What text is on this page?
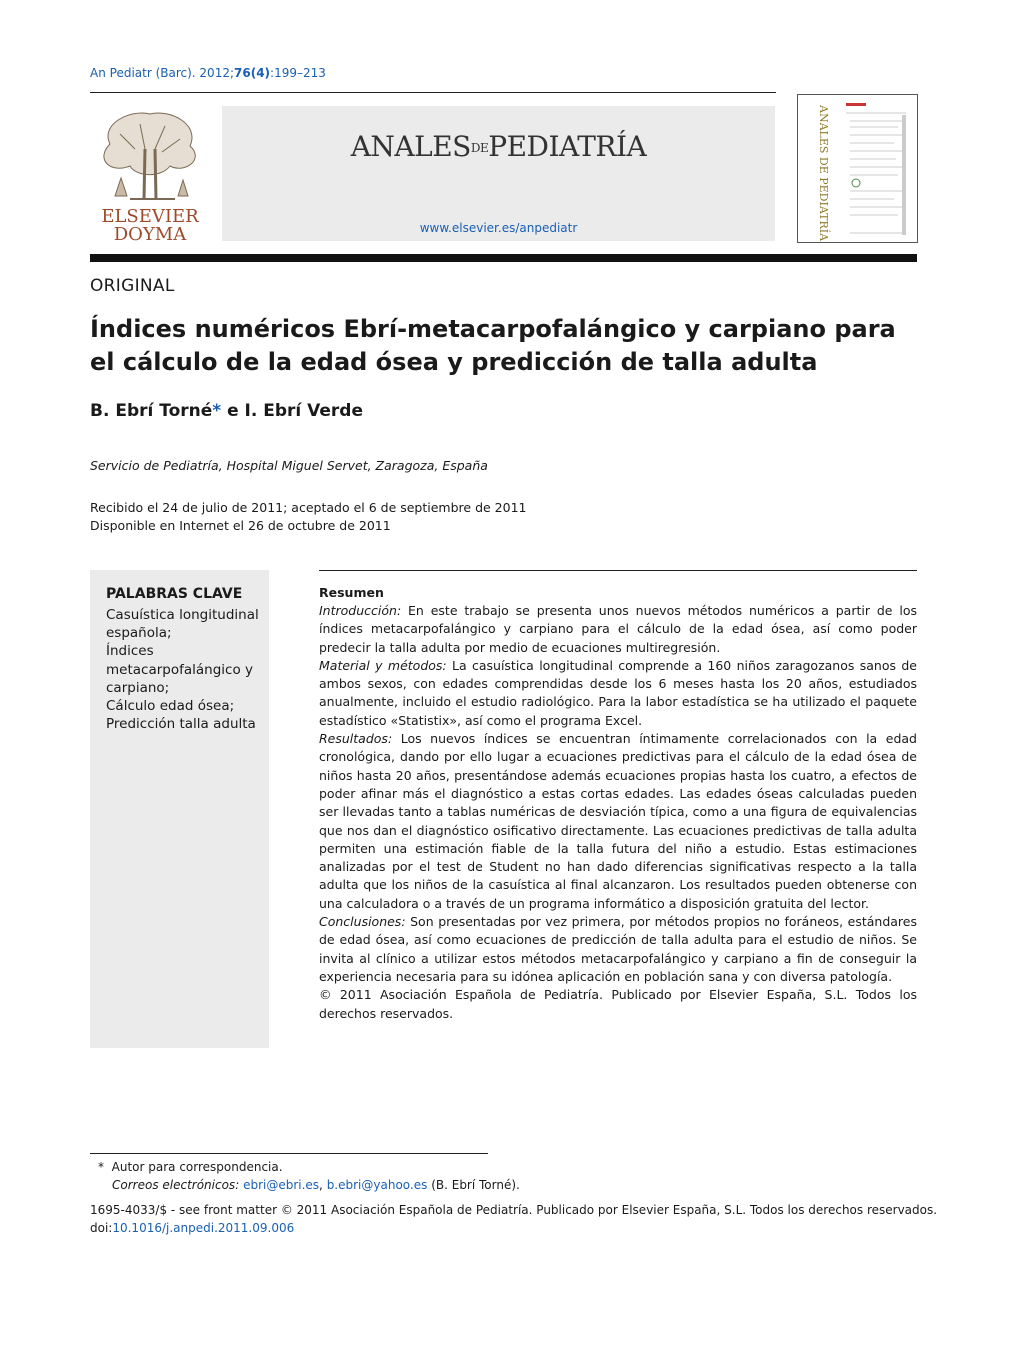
An Pediatr (Barc). 2012;76(4):199–213
ELSEVIER
DOYMA
ANALESDEPEDIATRÍA
www.elsevier.es/anpediatr	ANALES DE PEDIATRÍA
ORIGINAL
Índices numéricos Ebrí-metacarpofalángico y carpiano para el cálculo de la edad ósea y predicción de talla adulta
B. Ebrí Torné* e I. Ebrí Verde
Servicio de Pediatría, Hospital Miguel Servet, Zaragoza, España
Recibido el 24 de julio de 2011; aceptado el 6 de septiembre de 2011
Disponible en Internet el 26 de octubre de 2011
PALABRAS CLAVE
Casuística longitudinal española;
Índices metacarpofalángico y carpiano;
Cálculo edad ósea;
Predicción talla adulta
Resumen

Introducción: En este trabajo se presenta unos nuevos métodos numéricos a partir de los índices metacarpofalángico y carpiano para el cálculo de la edad ósea, así como poder predecir la talla adulta por medio de ecuaciones multiregresión.

Material y métodos: La casuística longitudinal comprende a 160 niños zaragozanos sanos de ambos sexos, con edades comprendidas desde los 6 meses hasta los 20 años, estudiados anualmente, incluido el estudio radiológico. Para la labor estadística se ha utilizado el paquete estadístico «Statistix», así como el programa Excel.

Resultados: Los nuevos índices se encuentran íntimamente correlacionados con la edad cronológica, dando por ello lugar a ecuaciones predictivas para el cálculo de la edad ósea de niños hasta 20 años, presentándose además ecuaciones propias hasta los cuatro, a efectos de poder afinar más el diagnóstico a estas cortas edades. Las edades óseas calculadas pueden ser llevadas tanto a tablas numéricas de desviación típica, como a una figura de equivalencias que nos dan el diagnóstico osificativo directamente. Las ecuaciones predictivas de talla adulta permiten una estimación fiable de la talla futura del niño a estudio. Estas estimaciones analizadas por el test de Student no han dado diferencias significativas respecto a la talla adulta que los niños de la casuística al final alcanzaron. Los resultados pueden obtenerse con una calculadora o a través de un programa informático a disposición gratuita del lector.

Conclusiones: Son presentadas por vez primera, por métodos propios no foráneos, estándares de edad ósea, así como ecuaciones de predicción de talla adulta para el estudio de niños. Se invita al clínico a utilizar estos métodos metacarpofalángico y carpiano a fin de conseguir la experiencia necesaria para su idónea aplicación en población sana y con diversa patología.

© 2011 Asociación Española de Pediatría. Publicado por Elsevier España, S.L. Todos los derechos reservados.

* Autor para correspondencia.
Correos electrónicos: ebri@ebri.es, b.ebri@yahoo.es (B. Ebrí Torné).
1695-4033/$ - see front matter © 2011 Asociación Española de Pediatría. Publicado por Elsevier España, S.L. Todos los derechos reservados.
doi:10.1016/j.anpedi.2011.09.006
